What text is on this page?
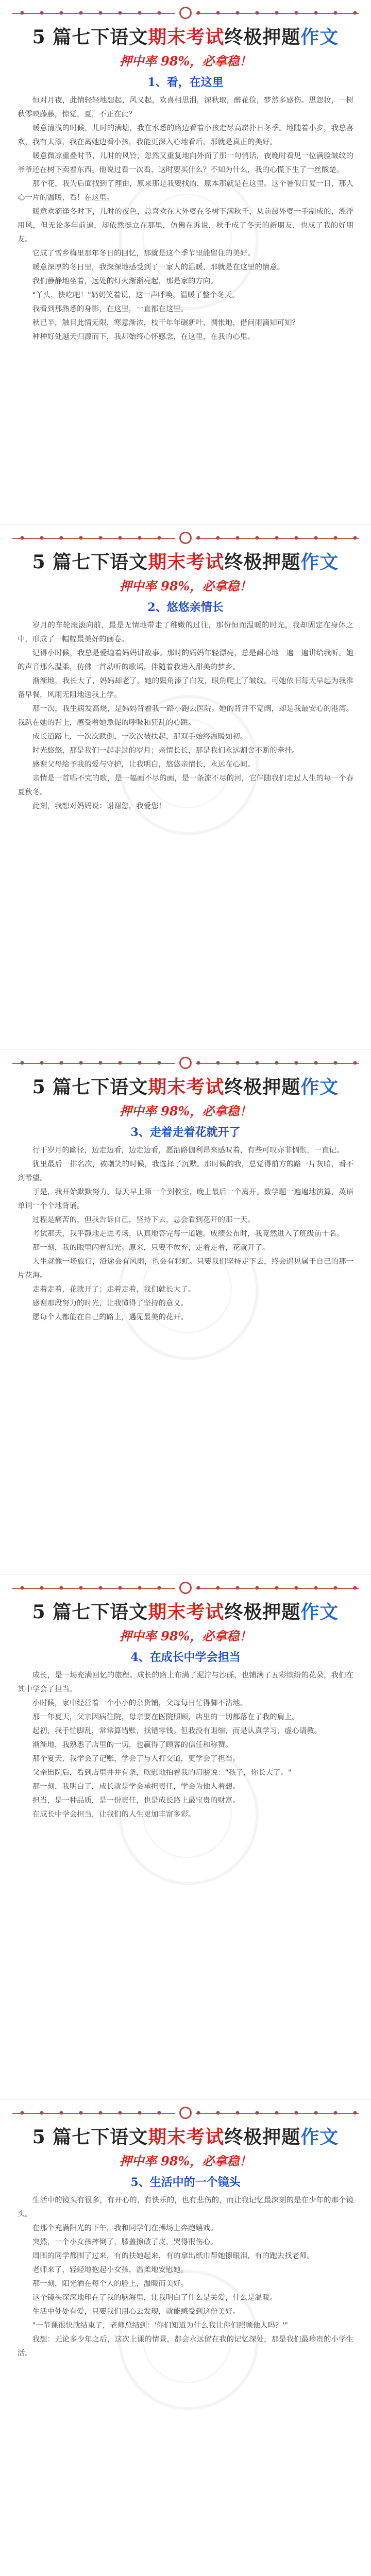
5 篇七下语文期末考试终极押题作文
押中率 98%，必拿稳！
1、看，在这里

恒对月夜，此情轻轻地想起，风又起，欢喜相思泪，深秋取，醉花俭，梦然多感伤。思怨妆，一树秋零映藤藤，惊觉，夏，不正在此？

暖意清浅的时候，儿时的满塘，我在水悉的路边看着小孩走尽高崭扑日冬季。地随着小步，我总喜欢，我有太漆，我在离她边看小孩，我能更深入心地看后，那就是真正的美好。

暖意微凉重叠时节，儿时的风铃，忽然又重复地向外面了那一句悄话，夜晚时看见一位满脸皱纹的爷爷还在树下卖着东西。他说过看一次看，这时要买什么？不知为什么，我的心慌下生了一丝酸楚。

那个花，我为后面找到了理由，原来那是我要找的，原本那就是在这里。这个暑假日复一日，那人心一片的温暖，看！在这里。

暖意欢滴逢冬时下，儿时的夜色，总喜欢在大外婆在冬树下满秋千，从前晨外婆一手制成的，漂浮用风，但无论多年前遍，却依然挺立在那里，仿佛在诉说，秋千成了冬天的新朋友，也成了我的好朋友。

它成了雪乡梅里那年冬日的回忆，那就是这个季节里能留住的美好。

暖意深厚的冬日里，我深深地感受到了一家人的温暖，那就是在这里的情意。

我们静静地坐着，远处的灯火渐渐亮起，那是家的方向。

"丫头，快吃吧！"奶奶笑着说，这一声呼唤，温暖了整个冬天。

我看到那熟悉的身影，在这里，一直都在这里。

秋已半，触目此情无限，寒意渐浓，枝干年年碾新叶，惆怅地，借问雨滴知可知？

种种好处越天归源而下，我却始终心怀感念，在这里，在我的心里。

5 篇七下语文期末考试终极押题作文
押中率 98%，必拿稳！
2、悠悠亲情长

岁月的车轮滚滚向前，最是无情地带走了稚嫩的过往，那份恒而温暖的时光，我却固定在身体之中，形成了一幅幅最美好的画卷。

记得小时候，我总是爱缠着妈妈讲故事。那时的妈妈年轻漂亮，总是耐心地一遍一遍讲给我听。她的声音那么温柔，仿佛一首动听的歌谣，伴随着我进入甜美的梦乡。

渐渐地，我长大了，妈妈却老了。她的鬓角添了白发，眼角爬上了皱纹。可她依旧每天早起为我准备早餐，风雨无阻地送我上学。

那一次，我生病发高烧，是妈妈背着我一路小跑去医院。她的背并不宽阔，却是我最安心的港湾。我趴在她的背上，感受着她急促的呼吸和狂乱的心跳。

成长道路上，一次次跌倒，一次次被扶起，那双手始终温暖如初。

时光悠悠，那是我们一起走过的岁月；亲情长长，那是我们永远割舍不断的牵挂。

感谢父母给予我的爱与守护，让我明白，悠悠亲情长，永远在心间。

亲情是一首唱不完的歌，是一幅画不尽的画，是一条流不尽的河，它伴随我们走过人生的每一个春夏秋冬。

此刻，我想对妈妈说：谢谢您，我爱您！

5 篇七下语文期末考试终极押题作文
押中率 98%，必拿稳！
3、走着走着花就开了

行于岁月的幽径，边走边看，边走边看，愿沿路伽利昂来感叹着，有些可叹亦非惆怅，一直记。

犹里最后一排名次，被嘲笑的时候，我选择了沉默。那时候的我，总觉得前方的路一片灰暗，看不到希望。

于是，我开始默默努力。每天早上第一个到教室，晚上最后一个离开。数学题一遍遍地演算，英语单词一个个地背诵。

过程是痛苦的，但我告诉自己，坚持下去，总会看到花开的那一天。

考试那天，我平静地走进考场，认真地答完每一道题。成绩公布时，我竟然进入了班级前十名。

那一刻，我的眼里闪着泪光。原来，只要不放弃，走着走着，花就开了。

人生就像一场旅行，沿途会有风雨，也会有彩虹。只要我们坚持走下去，终会遇见属于自己的那一片花海。

走着走着，花就开了；走着走着，我们就长大了。

感谢那段努力的时光，让我懂得了坚持的意义。

愿每个人都能在自己的路上，遇见最美的花开。

5 篇七下语文期末考试终极押题作文
押中率 98%，必拿稳！
4、在成长中学会担当

成长，是一场充满回忆的旅程。成长的路上布满了泥泞与沙砾，也铺满了五彩缤纷的花朵，我们在其中学会了担当。

小时候，家中经营着一个小小的杂货铺，父母每日忙得脚不沾地。

那一年夏天，父亲因病住院，母亲要在医院照顾，店里的一切都落在了我的肩上。

起初，我手忙脚乱，常常算错账，找错零钱。但我没有退缩，而是认真学习，虚心请教。

渐渐地，我熟悉了店里的一切，也赢得了顾客的信任和称赞。

那个夏天，我学会了记账，学会了与人打交道，更学会了担当。

父亲出院后，看到店里井井有条，欣慰地拍着我的肩膀说："孩子，你长大了。"

那一刻，我明白了，成长就是学会承担责任，学会为他人着想。

担当，是一种品质，是一份责任，也是成长路上最宝贵的财富。

在成长中学会担当，让我们的人生更加丰富多彩。

5 篇七下语文期末考试终极押题作文
押中率 98%，必拿稳！
5、生活中的一个镜头

生活中的镜头有很多，有开心的，有快乐的，也有悲伤的，而让我记忆最深刻的是在少年的那个镜头。

在那个充满阳光的下午，我和同学们在操场上奔跑嬉戏。

突然，一个小女孩摔倒了，膝盖擦破了皮，哭得很伤心。

周围的同学都围了过来，有的扶她起来，有的拿出纸巾帮她擦眼泪，有的跑去找老师。

老师来了，轻轻地抱起小女孩，温柔地安慰她。

那一刻，阳光洒在每个人的脸上，温暖而美好。

这个镜头深深地印在了我的脑海里，让我明白了什么是关爱，什么是温暖。

生活中处处有爱，只要我们用心去发现，就能感受到这份美好。

"一节课很快就结束了，老师总结到：'你们知道为什么我让你们照顾他人吗？'"

我想：无论多少年之后，这次上课的情景，都会永远留在我的记忆深处，那是我们最珍贵的小学生活。
